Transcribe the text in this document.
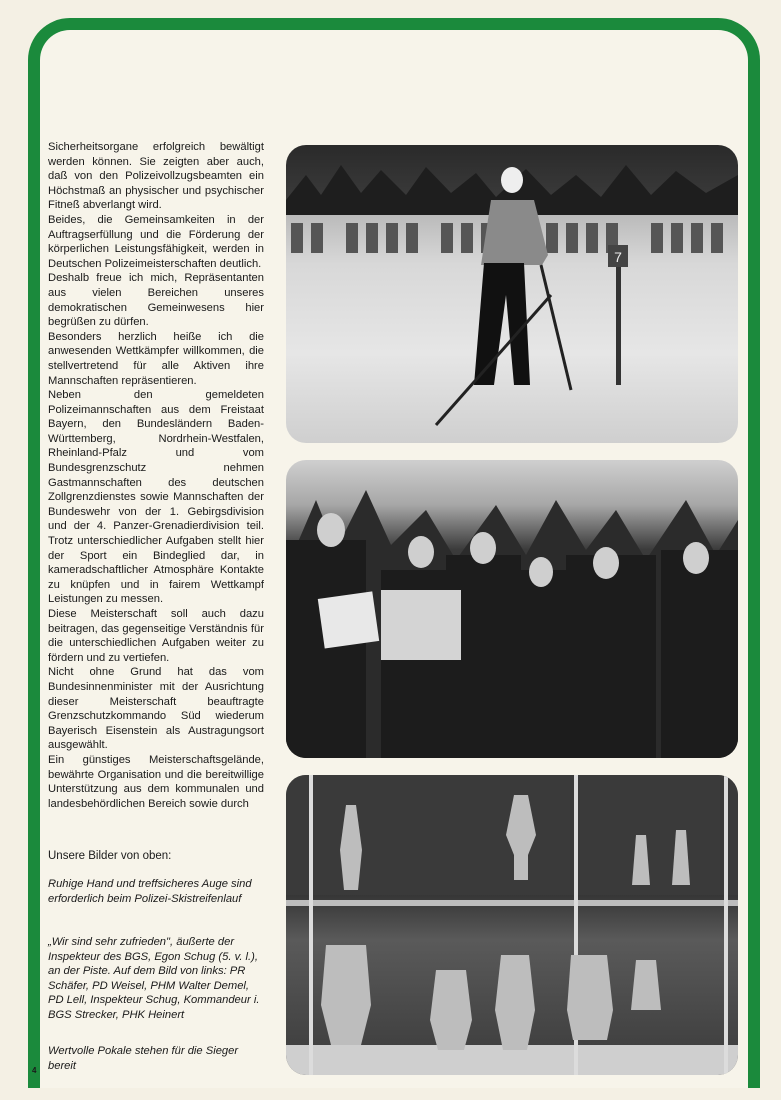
Sicherheitsorgane erfolgreich bewältigt werden können. Sie zeigten aber auch, daß von den Polizeivollzugsbeamten ein Höchstmaß an physischer und psychischer Fitneß abverlangt wird.

Beides, die Gemeinsamkeiten in der Auftragserfüllung und die Förderung der körperlichen Leistungsfähigkeit, werden in Deutschen Polizeimeisterschaften deutlich.

Deshalb freue ich mich, Repräsentanten aus vielen Bereichen unseres demokratischen Gemeinwesens hier begrüßen zu dürfen.

Besonders herzlich heiße ich die anwesenden Wettkämpfer willkommen, die stellvertretend für alle Aktiven ihre Mannschaften repräsentieren.

Neben den gemeldeten Polizeimannschaften aus dem Freistaat Bayern, den Bundesländern Baden-Württemberg, Nordrhein-Westfalen, Rheinland-Pfalz und vom Bundesgrenzschutz nehmen Gastmannschaften des deutschen Zollgrenzdienstes sowie Mannschaften der Bundeswehr von der 1. Gebirgsdivision und der 4. Panzer-Grenadierdivision teil. Trotz unterschiedlicher Aufgaben stellt hier der Sport ein Bindeglied dar, in kameradschaftlicher Atmosphäre Kontakte zu knüpfen und in fairem Wettkampf Leistungen zu messen.

Diese Meisterschaft soll auch dazu beitragen, das gegenseitige Verständnis für die unterschiedlichen Aufgaben weiter zu fördern und zu vertiefen.

Nicht ohne Grund hat das vom Bundesinnenminister mit der Ausrichtung dieser Meisterschaft beauftragte Grenzschutzkommando Süd wiederum Bayerisch Eisenstein als Austragungsort ausgewählt.

Ein günstiges Meisterschaftsgelände, bewährte Organisation und die bereitwillige Unterstützung aus dem kommunalen und landesbehördlichen Bereich sowie durch

7
Unsere Bilder von oben:
Ruhige Hand und treffsicheres Auge sind erforderlich beim Polizei-Skistreifenlauf
„Wir sind sehr zufrieden", äußerte der Inspekteur des BGS, Egon Schug (5. v. l.), an der Piste. Auf dem Bild von links: PR Schäfer, PD Weisel, PHM Walter Demel, PD Lell, Inspekteur Schug, Kommandeur i. BGS Strecker, PHK Heinert
Wertvolle Pokale stehen für die Sieger bereit
4
